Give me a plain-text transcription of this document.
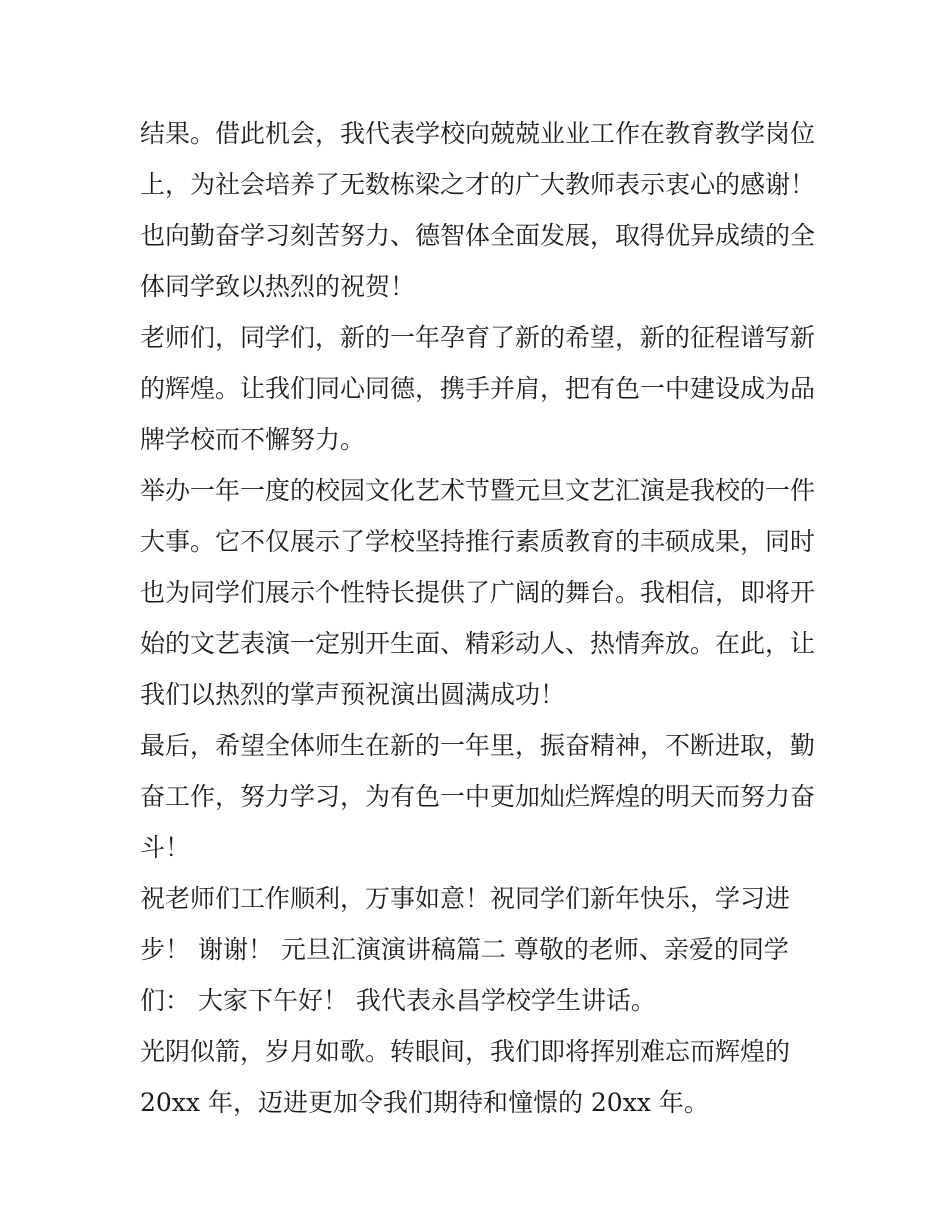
结果。借此机会，我代表学校向兢兢业业工作在教育教学岗位
上，为社会培养了无数栋梁之才的广大教师表示衷心的感谢！
也向勤奋学习刻苦努力、德智体全面发展，取得优异成绩的全
体同学致以热烈的祝贺！
老师们，同学们，新的一年孕育了新的希望，新的征程谱写新
的辉煌。让我们同心同德，携手并肩，把有色一中建设成为品
牌学校而不懈努力。
举办一年一度的校园文化艺术节暨元旦文艺汇演是我校的一件
大事。它不仅展示了学校坚持推行素质教育的丰硕成果，同时
也为同学们展示个性特长提供了广阔的舞台。我相信，即将开
始的文艺表演一定别开生面、精彩动人、热情奔放。在此，让
我们以热烈的掌声预祝演出圆满成功！
最后，希望全体师生在新的一年里，振奋精神，不断进取，勤
奋工作，努力学习，为有色一中更加灿烂辉煌的明天而努力奋
斗！
祝老师们工作顺利，万事如意！祝同学们新年快乐，学习进
步！ 谢谢！ 元旦汇演演讲稿篇二 尊敬的老师、亲爱的同学
们： 大家下午好！ 我代表永昌学校学生讲话。
光阴似箭，岁月如歌。转眼间，我们即将挥别难忘而辉煌的
20xx 年，迈进更加令我们期待和憧憬的 20xx 年。
